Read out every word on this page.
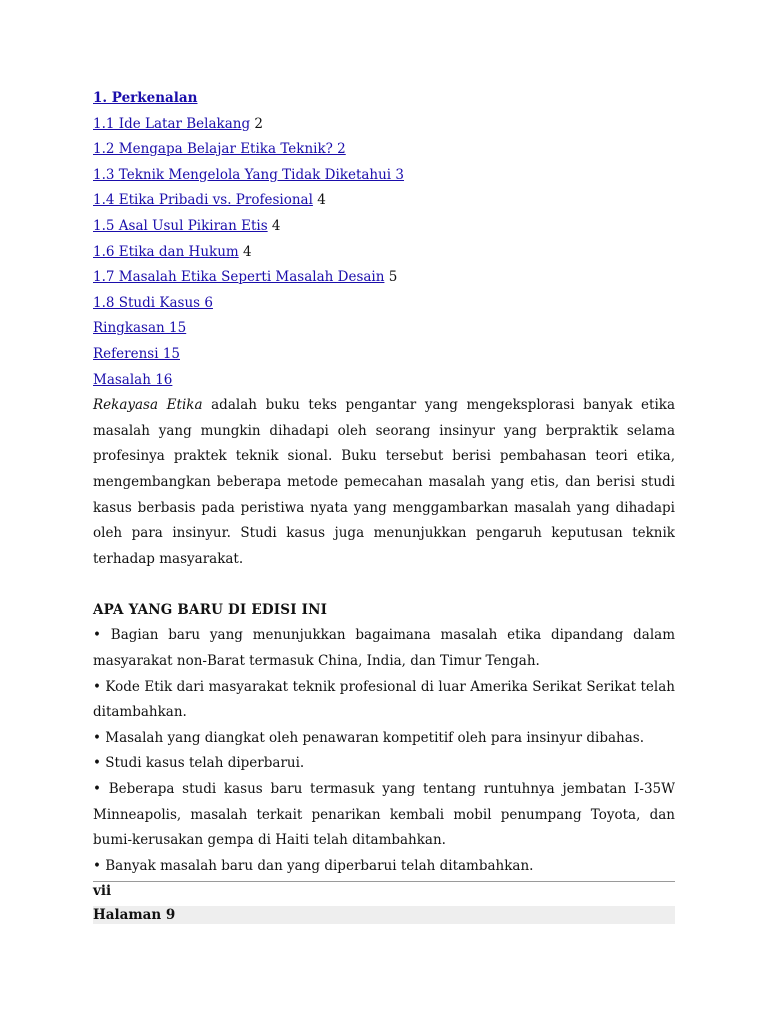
1. Perkenalan
1.1 Ide Latar Belakang 2
1.2 Mengapa Belajar Etika Teknik? 2
1.3 Teknik Mengelola Yang Tidak Diketahui 3
1.4 Etika Pribadi vs. Profesional 4
1.5 Asal Usul Pikiran Etis 4
1.6 Etika dan Hukum 4
1.7 Masalah Etika Seperti Masalah Desain 5
1.8 Studi Kasus 6
Ringkasan 15
Referensi 15
Masalah 16

Rekayasa Etika adalah buku teks pengantar yang mengeksplorasi banyak etika masalah yang mungkin dihadapi oleh seorang insinyur yang berpraktik selama profesinya praktek teknik sional. Buku tersebut berisi pembahasan teori etika, mengembangkan beberapa metode pemecahan masalah yang etis, dan berisi studi kasus berbasis pada peristiwa nyata yang menggambarkan masalah yang dihadapi oleh para insinyur. Studi kasus juga menunjukkan pengaruh keputusan teknik terhadap masyarakat.

APA YANG BARU DI EDISI INI

• Bagian baru yang menunjukkan bagaimana masalah etika dipandang dalam masyarakat non-Barat termasuk China, India, dan Timur Tengah.

• Kode Etik dari masyarakat teknik profesional di luar Amerika Serikat Serikat telah ditambahkan.

• Masalah yang diangkat oleh penawaran kompetitif oleh para insinyur dibahas.

• Studi kasus telah diperbarui.

• Beberapa studi kasus baru termasuk yang tentang runtuhnya jembatan I-35W Minneapolis, masalah terkait penarikan kembali mobil penumpang Toyota, dan bumi-kerusakan gempa di Haiti telah ditambahkan.

• Banyak masalah baru dan yang diperbarui telah ditambahkan.

vii
Halaman 9
